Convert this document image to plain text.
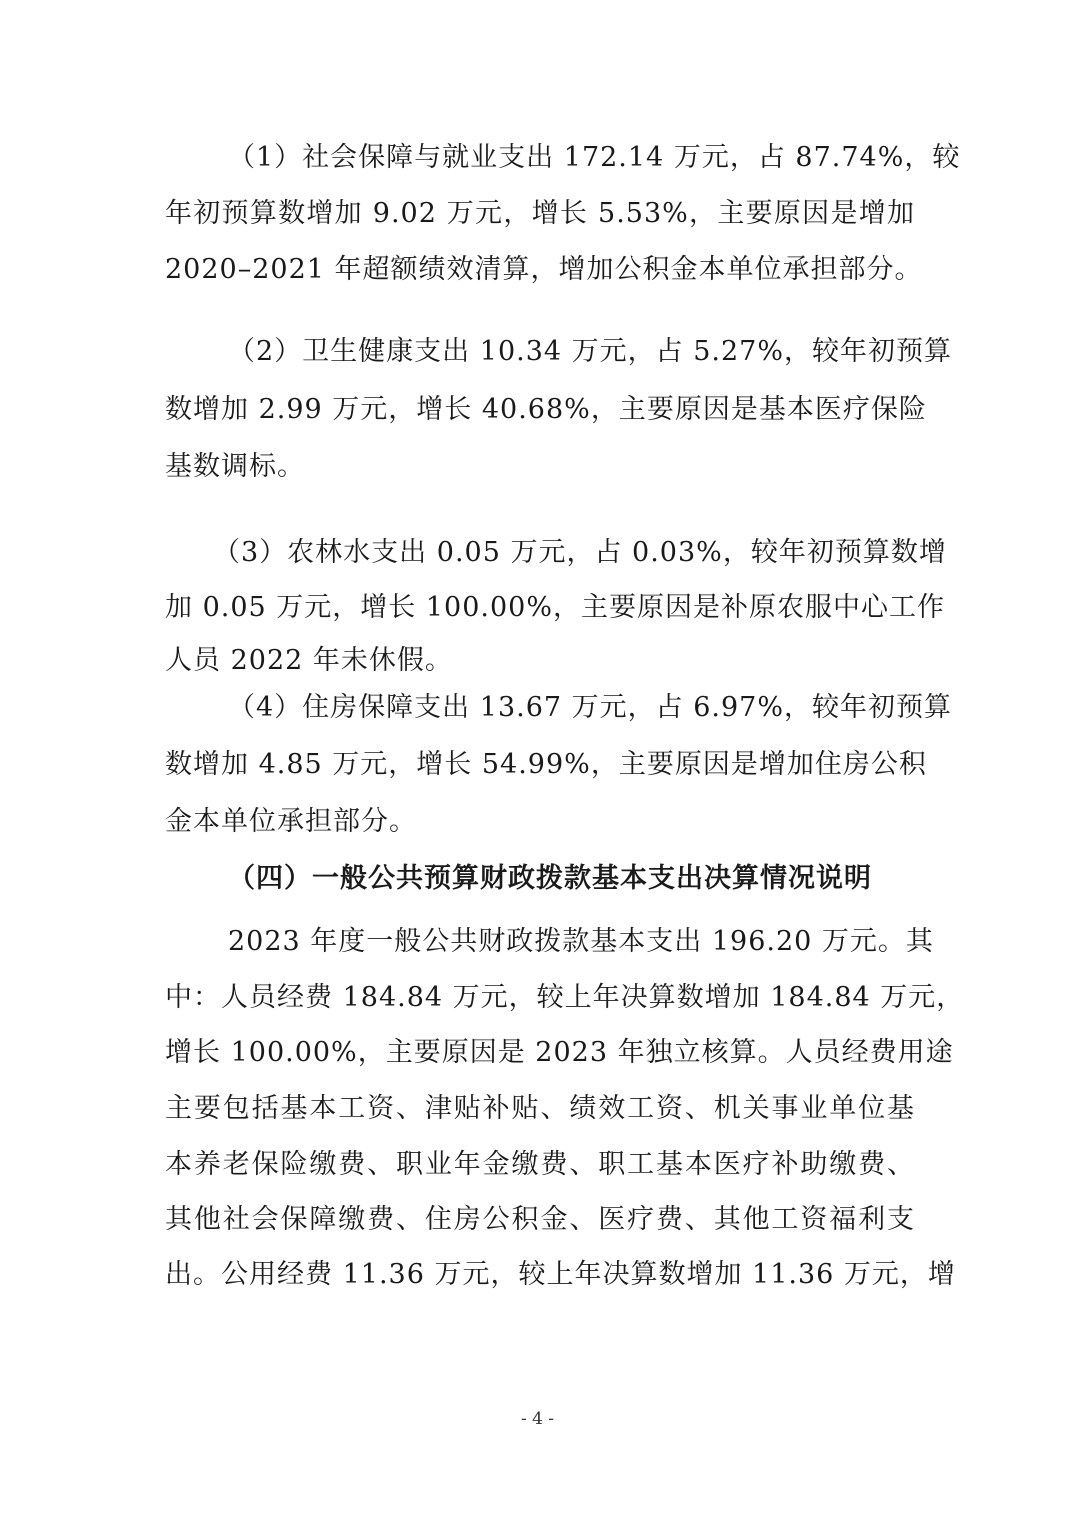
（1）社会保障与就业支出 172.14 万元，占 87.74%，较
年初预算数增加 9.02 万元，增长 5.53%，主要原因是增加
2020–2021 年超额绩效清算，增加公积金本单位承担部分。
（2）卫生健康支出 10.34 万元，占 5.27%，较年初预算
数增加 2.99 万元，增长 40.68%，主要原因是基本医疗保险
基数调标。
（3）农林水支出 0.05 万元，占 0.03%，较年初预算数增
加 0.05 万元，增长 100.00%，主要原因是补原农服中心工作
人员 2022 年未休假。
（4）住房保障支出 13.67 万元，占 6.97%，较年初预算
数增加 4.85 万元，增长 54.99%，主要原因是增加住房公积
金本单位承担部分。
（四）一般公共预算财政拨款基本支出决算情况说明
2023 年度一般公共财政拨款基本支出 196.20 万元。其
中：人员经费 184.84 万元，较上年决算数增加 184.84 万元，
增长 100.00%，主要原因是 2023 年独立核算。人员经费用途
主要包括基本工资、津贴补贴、绩效工资、机关事业单位基
本养老保险缴费、职业年金缴费、职工基本医疗补助缴费、
其他社会保障缴费、住房公积金、医疗费、其他工资福利支
出。公用经费 11.36 万元，较上年决算数增加 11.36 万元，增
- 4 -
